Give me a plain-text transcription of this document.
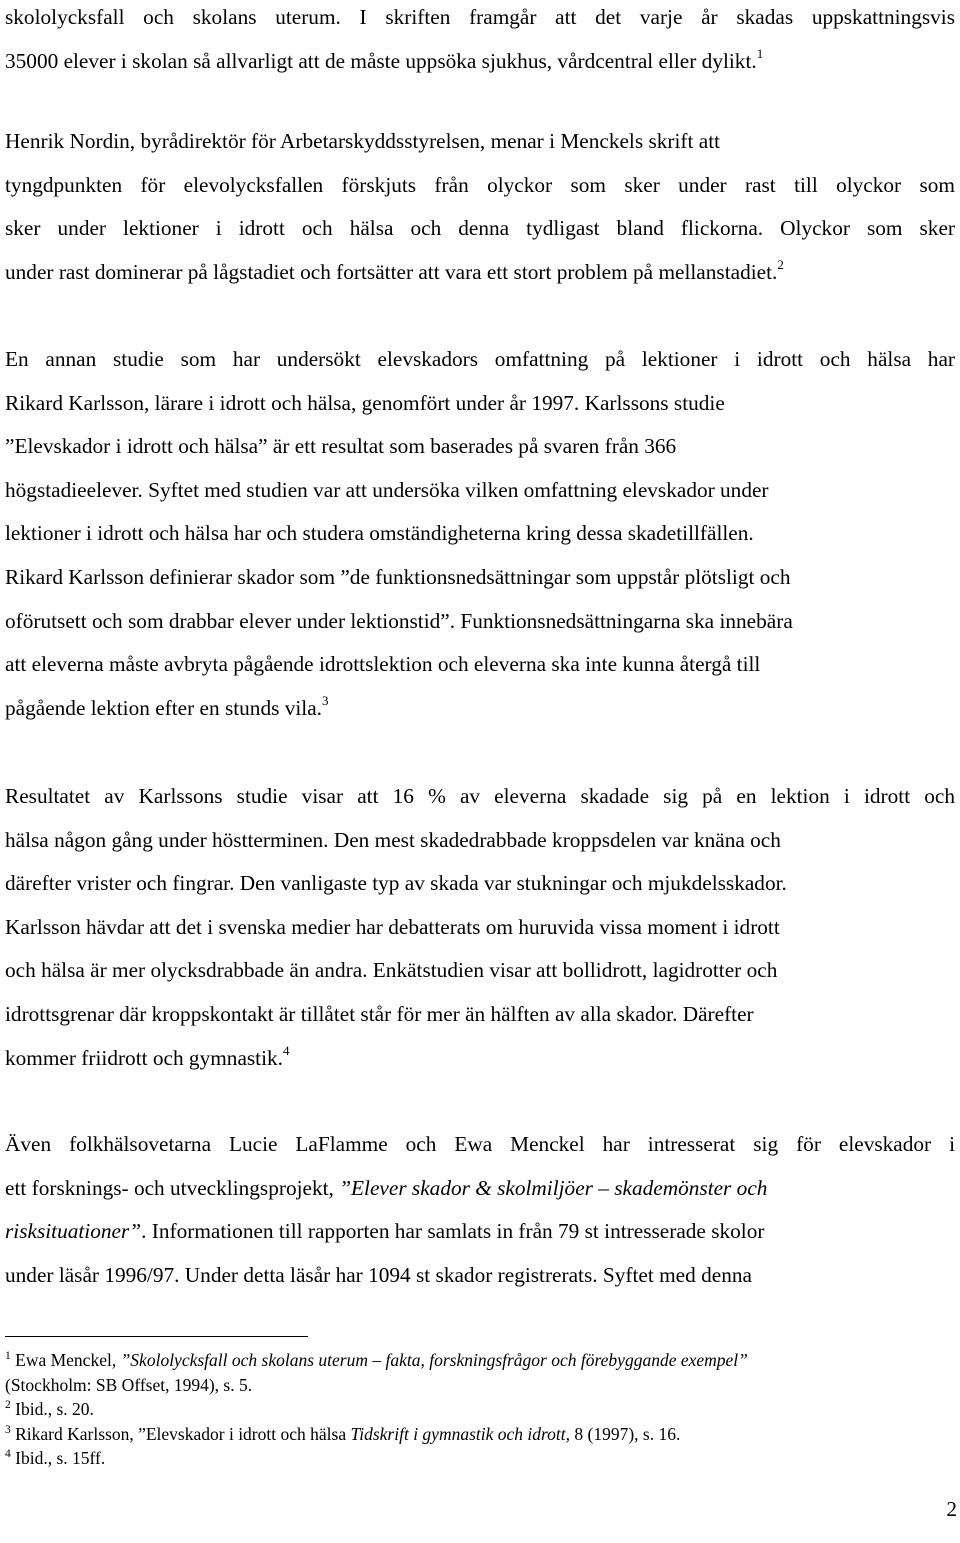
skololycksfall och skolans uterum. I skriften framgår att det varje år skadas uppskattningsvis
35000 elever i skolan så allvarligt att de måste uppsöka sjukhus, vårdcentral eller dylikt.$^1$
Henrik Nordin, byrådirektör för Arbetarskyddsstyrelsen, menar i Menckels skrift att
tyngdpunkten för elevolycksfallen förskjuts från olyckor som sker under rast till olyckor som
sker under lektioner i idrott och hälsa och denna tydligast bland flickorna. Olyckor som sker
under rast dominerar på lågstadiet och fortsätter att vara ett stort problem på mellanstadiet.$^2$
En annan studie som har undersökt elevskadors omfattning på lektioner i idrott och hälsa har
Rikard Karlsson, lärare i idrott och hälsa, genomfört under år 1997. Karlssons studie
”Elevskador i idrott och hälsa” är ett resultat som baserades på svaren från 366
högstadieelever. Syftet med studien var att undersöka vilken omfattning elevskador under
lektioner i idrott och hälsa har och studera omständigheterna kring dessa skadetillfällen.
Rikard Karlsson definierar skador som ”de funktionsnedsättningar som uppstår plötsligt och
oförutsett och som drabbar elever under lektionstid”. Funktionsnedsättningarna ska innebära
att eleverna måste avbryta pågående idrottslektion och eleverna ska inte kunna återgå till
pågående lektion efter en stunds vila.$^3$
Resultatet av Karlssons studie visar att 16 % av eleverna skadade sig på en lektion i idrott och
hälsa någon gång under höstterminen. Den mest skadedrabbade kroppsdelen var knäna och
därefter vrister och fingrar. Den vanligaste typ av skada var stukningar och mjukdelsskador.
Karlsson hävdar att det i svenska medier har debatterats om huruvida vissa moment i idrott
och hälsa är mer olycksdrabbade än andra. Enkätstudien visar att bollidrott, lagidrotter och
idrottsgrenar där kroppskontakt är tillåtet står för mer än hälften av alla skador. Därefter
kommer friidrott och gymnastik.$^4$
Även folkhälsovetarna Lucie LaFlamme och Ewa Menckel har intresserat sig för elevskador i
ett forsknings- och utvecklingsprojekt, ”Elever skador & skolmiljöer – skademönster och
risksituationer”. Informationen till rapporten har samlats in från 79 st intresserade skolor
under läsår 1996/97. Under detta läsår har 1094 st skador registrerats. Syftet med denna
$^1$ Ewa Menckel, ”Skololycksfall och skolans uterum – fakta, forskningsfrågor och förebyggande exempel”
(Stockholm: SB Offset, 1994), s. 5.
$^2$ Ibid., s. 20.
$^3$ Rikard Karlsson, ”Elevskador i idrott och hälsa Tidskrift i gymnastik och idrott, 8 (1997), s. 16.
$^4$ Ibid., s. 15ff.
2
